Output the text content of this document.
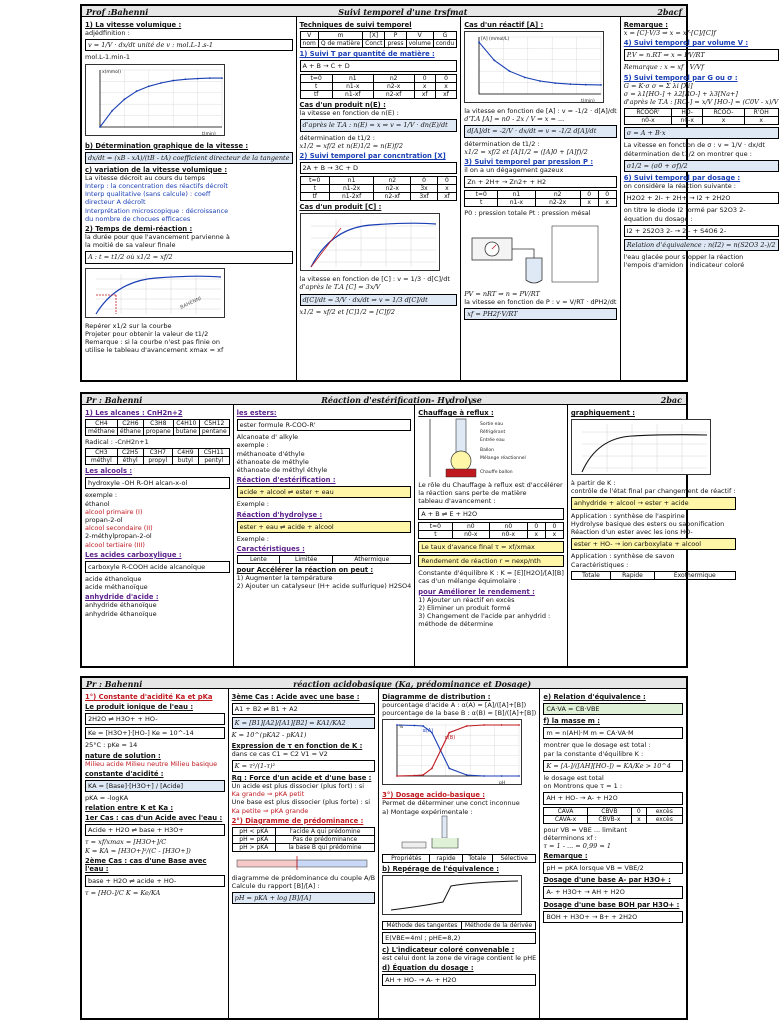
Prof :Bahenni	Suivi temporel d'une trsfmat	2bacf
1) La vitesse volumique :
adjédfinition :
v = 1/V · dx/dt unité de v : mol.L-1.s-1
mol.L-1.min-1
t(min)
x(mmol)
b) Détermination graphique de la vitesse :
dx/dt = (xB - xA)/(tB - tA) coefficient directeur de la tangente
c) variation de la vitesse volumique :
La vitesse décroit au cours du temps
Interp : la concentration des réactifs décroît
Interp qualitative (sans calcule) : coeff
directeur A décroît
Interprétation microscopique : décroissance
du nombre de chocues efficaces
2) Temps de demi-réaction :
la durée pour que l'avancement parvienne à
la moitié de sa valeur finale
A : t = t1/2 où x1/2 = xf/2
BAHENNI
Repérer x1/2 sur la courbe
Projeter pour obtenir la valeur de t1/2
Remarque : si la courbe n'est pas finie on
utilise le tableau d'avancement xmax = xf
Techniques de suivi temporel
V	m	[X]	P	V	G
nom	Q de matière	Conct	press	volume	condu
1) Suivi T par quantité de matière :
A + B → C + D
t=0	n1	n2	0	0
t	n1-x	n2-x	x	x
tf	n1-xf	n2-xf	xf	xf
Cas d'un produit n(E) :
la vitesse en fonction de n(E) :
d'après le T.A : n(E) = x ⇒ v = 1/V · dn(E)/dt
détermination de t1/2 :
x1/2 = xf/2 et n(E)1/2 = n(E)f/2
2) Suivi temporel par concntration [X]
2A + B → 3C + D
t=0	n1	n2	0	0
t	n1-2x	n2-x	3x	x
tf	n1-2xf	n2-xf	3xf	xf
Cas d'un produit [C] :
la vitesse en fonction de [C] : v = 1/3 · d[C]/dt
d'après le T.A [C] = 3x/V
d[C]/dt = 3/V · dx/dt ⇒ v = 1/3 d[C]/dt
x1/2 = xf/2 et [C]1/2 = [C]f/2
Cas d'un réactif [A] :
t(min)
[A] (mmol/L)
la vitesse en fonction de [A] : v = -1/2 · d[A]/dt
d'T.A [A] = n0 - 2x / V ⇒ x = ...
d[A]/dt = -2/V · dx/dt ⇒ v = -1/2 d[A]/dt
détermination de t1/2 :
x1/2 = xf/2 et [A]1/2 = ([A]0 + [A]f)/2
3) Suivi temporel par pression P :
il on a un dégagement gazeux
Zn + 2H+ → Zn2+ + H2
t=0	n1	n2	0	0
t	n1-x	n2-2x	x	x
P0 : pression totale Pt : pression mésal
PV = nRT ⇒ n = PV/RT
la vitesse en fonction de P : v = V/RT · dPH2/dt
xf = PH2f·V/RT
Remarque :
x = [C]·V/3 ⇒ x = xf·[C]/[C]f
4) Suivi temporel par volume V :
P.V = n.RT ⇒ x = PV/RT
Remarque : x = xf · V/Vf
5) Suivi temporel par G ou σ :
G = K·σ σ = Σ λi [Xi]
σ = λ1[HO-] + λ2[RO-] + λ3[Na+]
d'après le T.A : [RO-] = x/V [HO-] = (C0V - x)/V
RCOOR'	HO-	RCOO-	R'OH
n0-x	n0-x	x	x
σ = A + B·x
La vitesse en fonction de σ : v = 1/V · dx/dt
détermination de t1/2 on montrer que :
σ1/2 = (σ0 + σf)/2
6) Suivi temporel par dosage :
on considère la réaction suivante :
H2O2 + 2I- + 2H+ → I2 + 2H2O
on titre le diode I2 formé par S2O3 2-
équation du dosage :
I2 + 2S2O3 2- → 2I- + S4O6 2-
Relation d'équivalence : n(I2) = n(S2O3 2-)/2
l'eau glacée pour stopper la réaction
l'empois d'amidon : indicateur coloré
Pr : Bahenni	Réaction d'estérification- Hydrolyse	2bac
1) Les alcanes : CnH2n+2
CH4	C2H6	C3H8	C4H10	C5H12
méthane	éthane	propane	butane	pentane
Radical : -CnH2n+1
CH3	C2H5	C3H7	C4H9	C5H11
méthyl	éthyl	propyl	butyl	pentyl
Les alcools :
hydroxyle -OH R-OH alcan-x-ol
exemple :
éthanol
alcool primaire (I)
propan-2-ol
alcool secondaire (II)
2-méthylpropan-2-ol
alcool tertiaire (III)
Les acides carboxylique :
carboxyle R-COOH acide alcanoïque
acide éthanoïque
acide méthanoïque
anhydride d'acide :
anhydride éthanoïque
anhydride éthanoïque
les esters:
ester formule R-COO-R'
Alcanoate d' alkyle
exemple :
méthanoate d'éthyle
éthanoate de méthyle
éthanoate de méthyl éthyle
Réaction d'estérification :
acide + alcool ⇌ ester + eau
Exemple :
Réaction d'hydrolyse :
ester + eau ⇌ acide + alcool
Exemple :
Caractéristiques :
Lente	Limitée	Athermique
pour Accélérer la réaction on peut :
1) Augmenter la température
2) Ajouter un catalyseur (H+ acide sulfurique) H2SO4
Chauffage à reflux :
Sortie eau
Réfrigérant
Entrée eau
Ballon
Mélange réactionnel
Chauffe ballon
Le rôle du Chauffage à reflux est d'accélérer
la réaction sans perte de matière
tableau d'avancement :
A + B ⇌ E + H2O
t=0	n0	n0	0	0
t	n0-x	n0-x	x	x
Le taux d'avance final τ = xf/xmax
Rendement de réaction r = nexp/nth
Constante d'équilibre K : K = [E][H2O]/[A][B]
cas d'un mélange équimolaire :
pour Améliorer le rendement :
1) Ajouter un réactif en excès
2) Eliminer un produit formé
3) Changement de l'acide par anhydrid :
méthode de détermine
graphiquement :
à partir de K :
contrôle de l'état final par changement de réactif :
anhydride + alcool → ester + acide
Application : synthèse de l'aspirine
Hydrolyse basique des esters ou saponification
Réaction d'un ester avec les ions HO-
ester + HO- → ion carboxylate + alcool
Application : synthèse de savon
Caractéristiques :
Totale	Rapide	Exothermique
Pr : Bahenni	réaction acidobasique (Ka, prédominance et Dosage)
1°) Constante d'acidité Ka et pKa
Le produit ionique de l'eau :
2H2O ⇌ H3O+ + HO-
Ke = [H3O+]·[HO-] Ke = 10^-14
25°C : pKe = 14
nature de solution :
Milieu acide Milieu neutre Milieu basique
constante d'acidité :
KA = [Base]·[H3O+] / [Acide]
pKA = -logKA
relation entre K et Ka :
1er Cas : cas d'un Acide avec l'eau :
Acide + H2O ⇌ base + H3O+
τ = xf/xmax = [H3O+]/C
K = KA = [H3O+]²/(C - [H3O+])
2ème Cas : cas d'une Base avec l'eau :
base + H2O ⇌ acide + HO-
τ = [HO-]/C K = Ke/KA
3ème Cas : Acide avec une base :
A1 + B2 ⇌ B1 + A2
K = [B1][A2]/[A1][B2] = KA1/KA2
K = 10^(pKA2 - pKA1)
Expression de τ en fonction de K :
dans ce cas C1 = C2 V1 = V2
K = τ²/(1-τ)²
Rq : Force d'un acide et d'une base :
Un acide est plus dissocier (plus fort) : si
Ka grande ⇒ pKA petit
Une base est plus dissocier (plus forte) : si
Ka petite ⇒ pKA grande
2°) Diagramme de prédominance :
pH < pKA	l'acide A qui prédomine
pH = pKA	Pas de prédominance
pH > pKA	la base B qui prédomine
diagramme de prédominance du couple A/B
Calcule du rapport [B]/[A] :
pH = pKA + log [B]/[A]
Diagramme de distribution :
pourcentage d'acide A : α(A) = [A]/([A]+[B])
pourcentage de la base B : α(B) = [B]/([A]+[B])
α(A)
α(B)
pH
%
3°) Dosage acido-basique :
Permet de déterminer une conct inconnue
a) Montage expérimentale :
Propriétés	rapide	Totale	Sélective
b) Repérage de l'équivalence :
Méthode des tangentes	Méthode de la dérivée
E(VBE=4ml ; pHE=8,2)
c) L'indicateur coloré convenable :
est celui dont la zone de virage contient le pHE
d) Équation du dosage :
AH + HO- → A- + H2O
e) Relation d'équivalence :
CA·VA = CB·VBE
f) la masse m :
m = n(AH)·M m = CA·VA·M
montrer que le dosage est total :
par la constante d'équilibre K :
K = [A-]/([AH][HO-]) = KA/Ke > 10^4
le dosage est total
on Montrons que τ = 1 :
AH + HO- → A- + H2O
CAVA	CBVB	0	excès
CAVA-x	CBVB-x	x	excès
pour VB = VBE ... limitant
déterminons xf :
τ = 1 - ... = 0,99 ≈ 1
Remarque :
pH = pKA lorsque VB = VBE/2
Dosage d'une base A- par H3O+ :
A- + H3O+ → AH + H2O
Dosage d'une base BOH par H3O+ :
BOH + H3O+ → B+ + 2H2O
